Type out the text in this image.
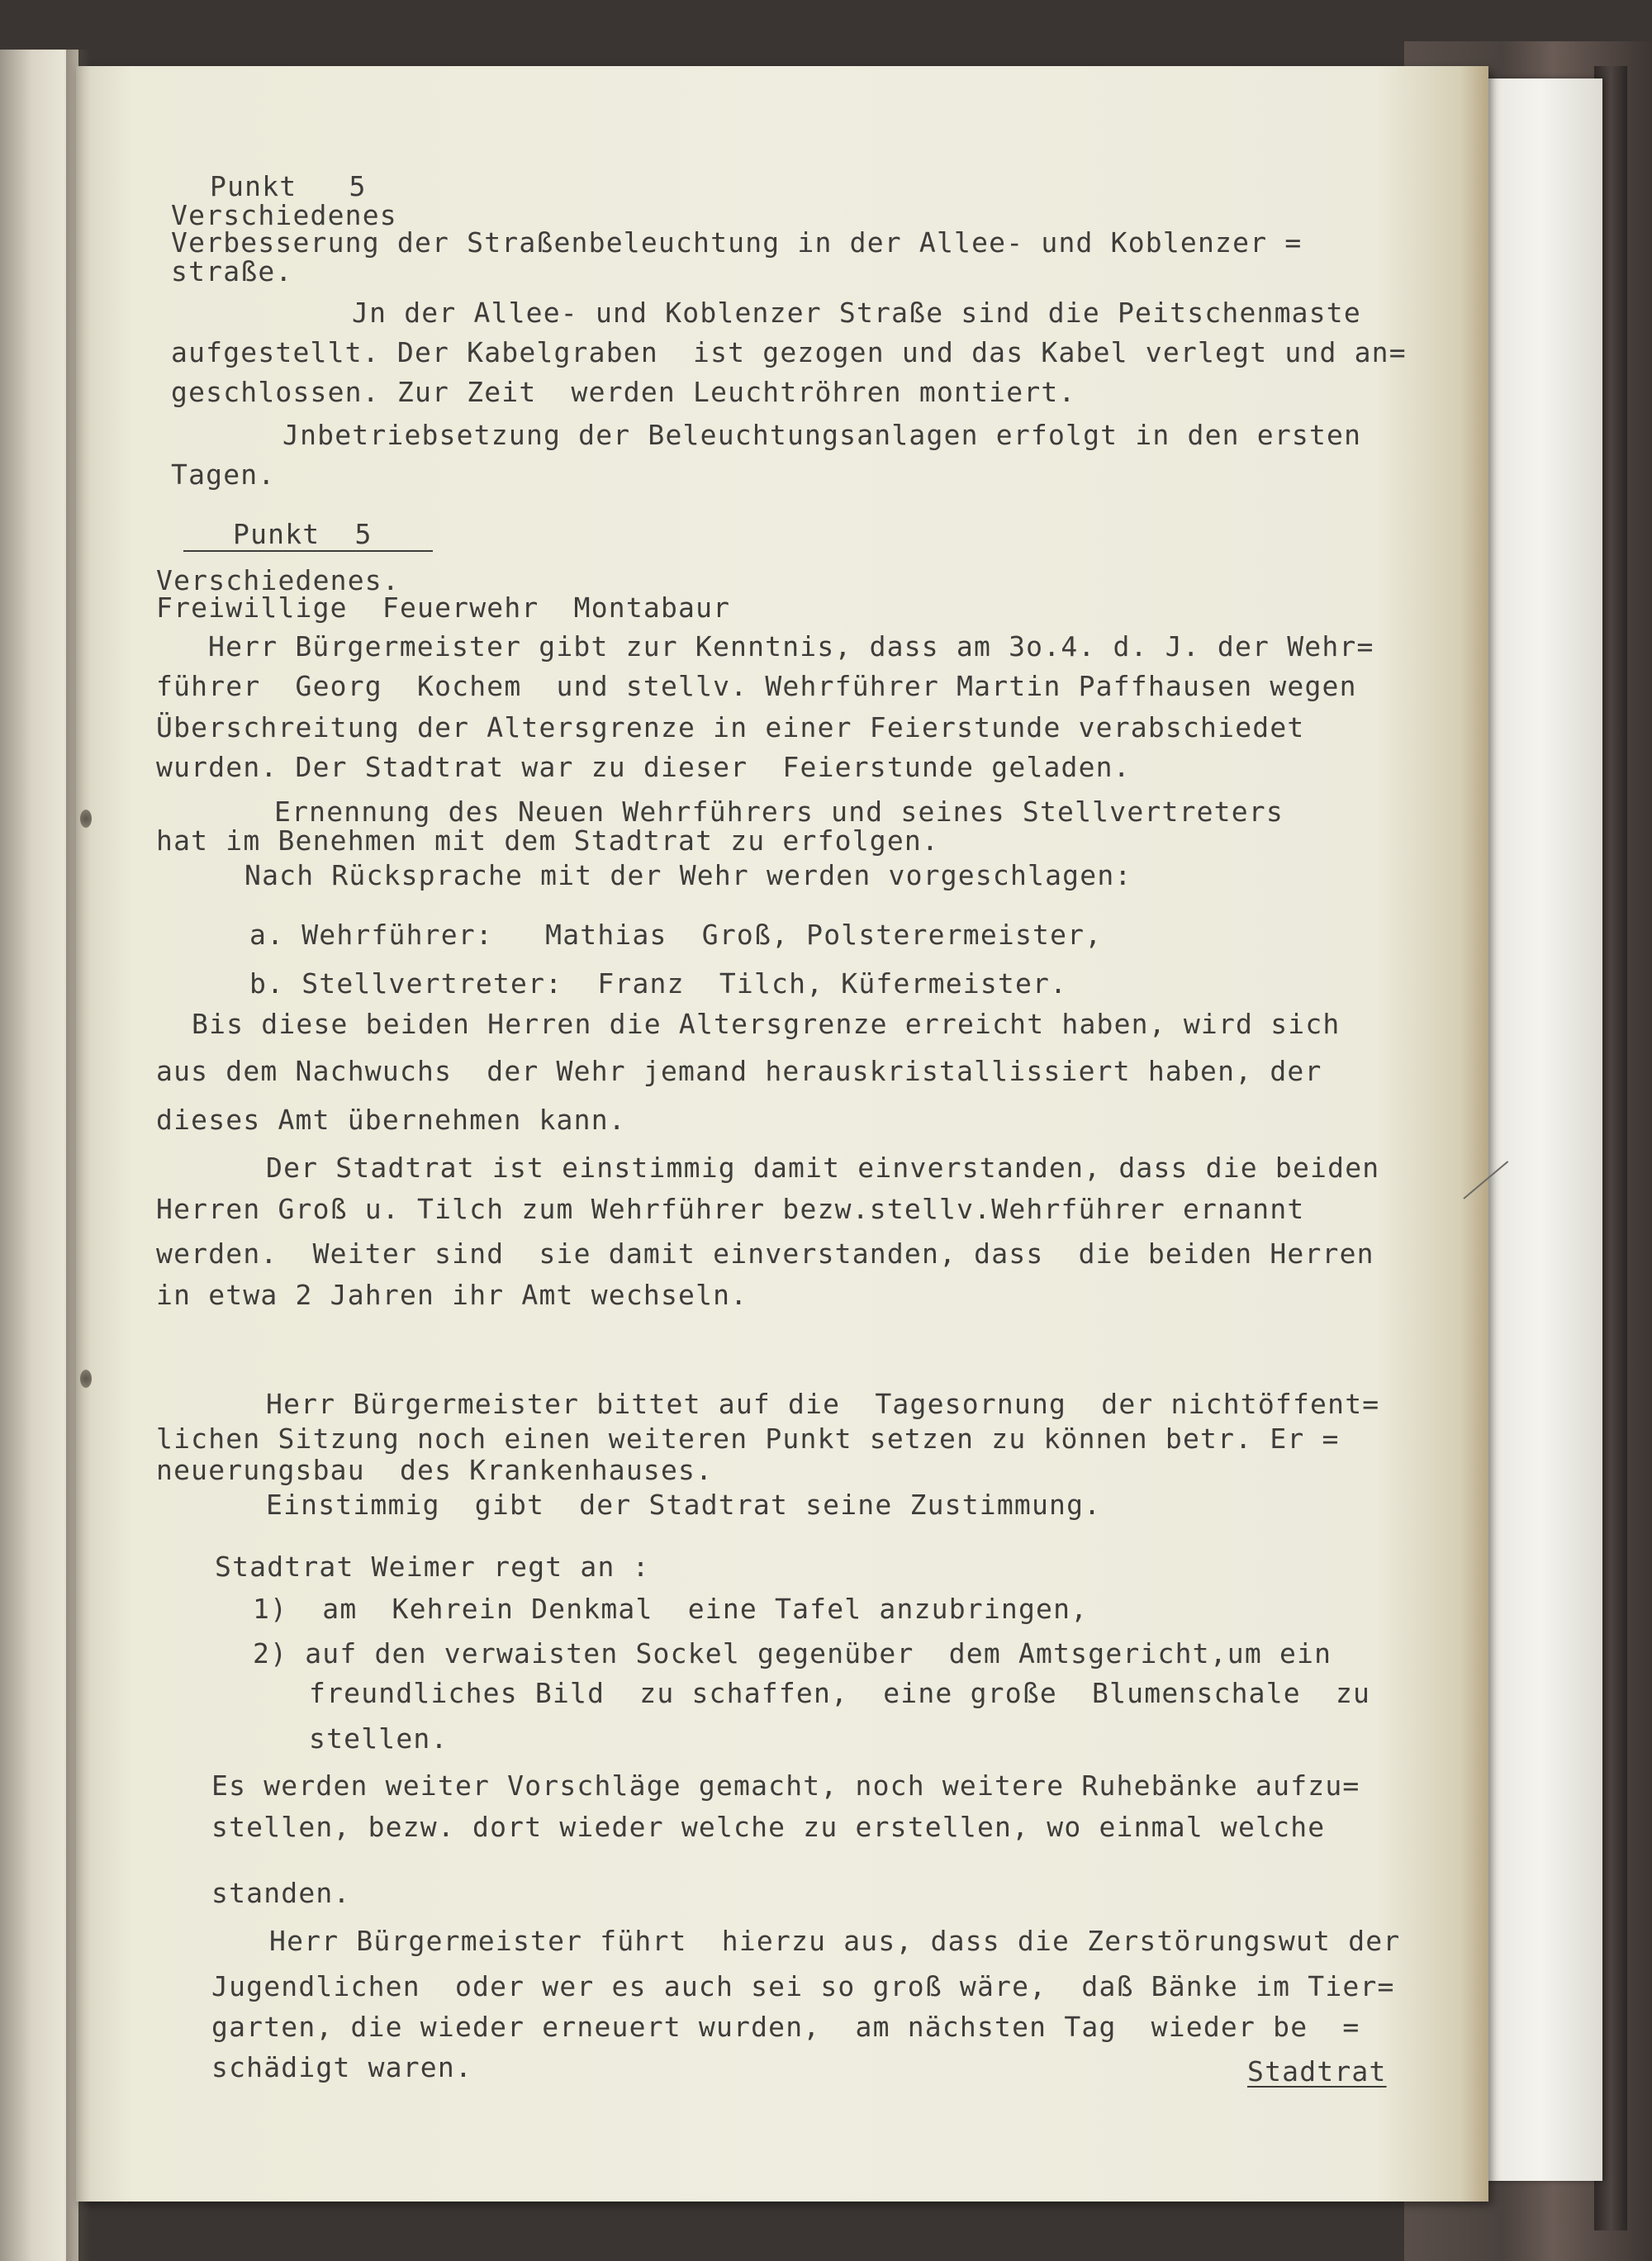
Punkt   5
Verschiedenes
Verbesserung der Straßenbeleuchtung in der Allee- und Koblenzer =
straße.
Jn der Allee- und Koblenzer Straße sind die Peitschenmaste
aufgestellt. Der Kabelgraben  ist gezogen und das Kabel verlegt und an=
geschlossen. Zur Zeit  werden Leuchtröhren montiert.
Jnbetriebsetzung der Beleuchtungsanlagen erfolgt in den ersten
Tagen.
Punkt  5
Verschiedenes.
Freiwillige  Feuerwehr  Montabaur
Herr Bürgermeister gibt zur Kenntnis, dass am 3o.4. d. J. der Wehr=
führer  Georg  Kochem  und stellv. Wehrführer Martin Paffhausen wegen
Überschreitung der Altersgrenze in einer Feierstunde verabschiedet
wurden. Der Stadtrat war zu dieser  Feierstunde geladen.
Ernennung des Neuen Wehrführers und seines Stellvertreters
hat im Benehmen mit dem Stadtrat zu erfolgen.
Nach Rücksprache mit der Wehr werden vorgeschlagen:
a. Wehrführer:   Mathias  Groß, Polsterermeister,
b. Stellvertreter:  Franz  Tilch, Küfermeister.
Bis diese beiden Herren die Altersgrenze erreicht haben, wird sich
aus dem Nachwuchs  der Wehr jemand herauskristallissiert haben, der
dieses Amt übernehmen kann.
Der Stadtrat ist einstimmig damit einverstanden, dass die beiden
Herren Groß u. Tilch zum Wehrführer bezw.stellv.Wehrführer ernannt
werden.  Weiter sind  sie damit einverstanden, dass  die beiden Herren
in etwa 2 Jahren ihr Amt wechseln.
Herr Bürgermeister bittet auf die  Tagesornung  der nichtöffent=
lichen Sitzung noch einen weiteren Punkt setzen zu können betr. Er =
neuerungsbau  des Krankenhauses.
Einstimmig  gibt  der Stadtrat seine Zustimmung.
Stadtrat Weimer regt an :
1)  am  Kehrein Denkmal  eine Tafel anzubringen,
2) auf den verwaisten Sockel gegenüber  dem Amtsgericht,um ein
freundliches Bild  zu schaffen,  eine große  Blumenschale  zu
stellen.
Es werden weiter Vorschläge gemacht, noch weitere Ruhebänke aufzu=
stellen, bezw. dort wieder welche zu erstellen, wo einmal welche
standen.
Herr Bürgermeister führt  hierzu aus, dass die Zerstörungswut der
Jugendlichen  oder wer es auch sei so groß wäre,  daß Bänke im Tier=
garten, die wieder erneuert wurden,  am nächsten Tag  wieder be  =
schädigt waren.	Stadtrat
